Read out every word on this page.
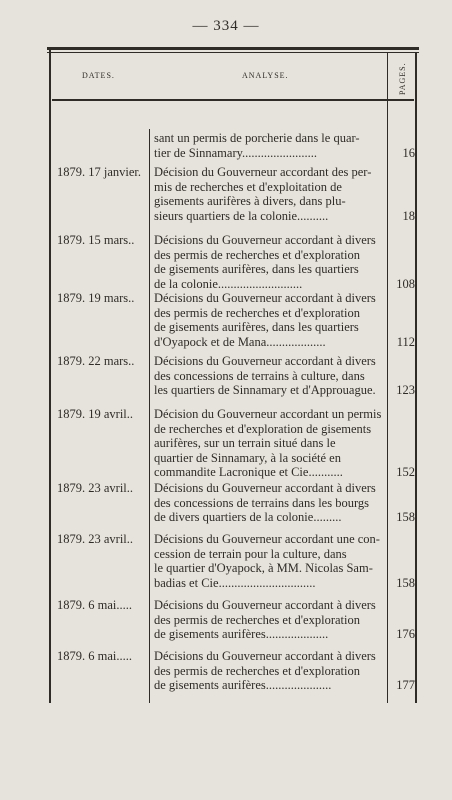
— 334 —
DATES.	ANALYSE.	PAGES.
sant un permis de porcherie dans le quar-
tier de Sinnamary........................	16
1879. 17 janvier.	Décision du Gouverneur accordant des per-
mis de recherches et d'exploitation de
gisements aurifères à divers, dans plu-
sieurs quartiers de la colonie..........	18
1879. 15 mars..	Décisions du Gouverneur accordant à divers
des permis de recherches et d'exploration
de gisements aurifères, dans les quartiers
de la colonie...........................	108
1879. 19 mars..	Décisions du Gouverneur accordant à divers
des permis de recherches et d'exploration
de gisements aurifères, dans les quartiers
d'Oyapock et de Mana...................	112
1879. 22 mars..	Décisions du Gouverneur accordant à divers
des concessions de terrains à culture, dans
les quartiers de Sinnamary et d'Approuague.	123
1879. 19 avril..	Décision du Gouverneur accordant un permis
de recherches et d'exploration de gisements
aurifères, sur un terrain situé dans le
quartier de Sinnamary, à la société en
commandite Lacronique et Cie...........	152
1879. 23 avril..	Décisions du Gouverneur accordant à divers
des concessions de terrains dans les bourgs
de divers quartiers de la colonie.........	158
1879. 23 avril..	Décisions du Gouverneur accordant une con-
cession de terrain pour la culture, dans
le quartier d'Oyapock, à MM. Nicolas Sam-
badias et Cie...............................	158
1879. 6 mai.....	Décisions du Gouverneur accordant à divers
des permis de recherches et d'exploration
de gisements aurifères....................	176
1879. 6 mai.....	Décisions du Gouverneur accordant à divers
des permis de recherches et d'exploration
de gisements aurifères.....................	177
